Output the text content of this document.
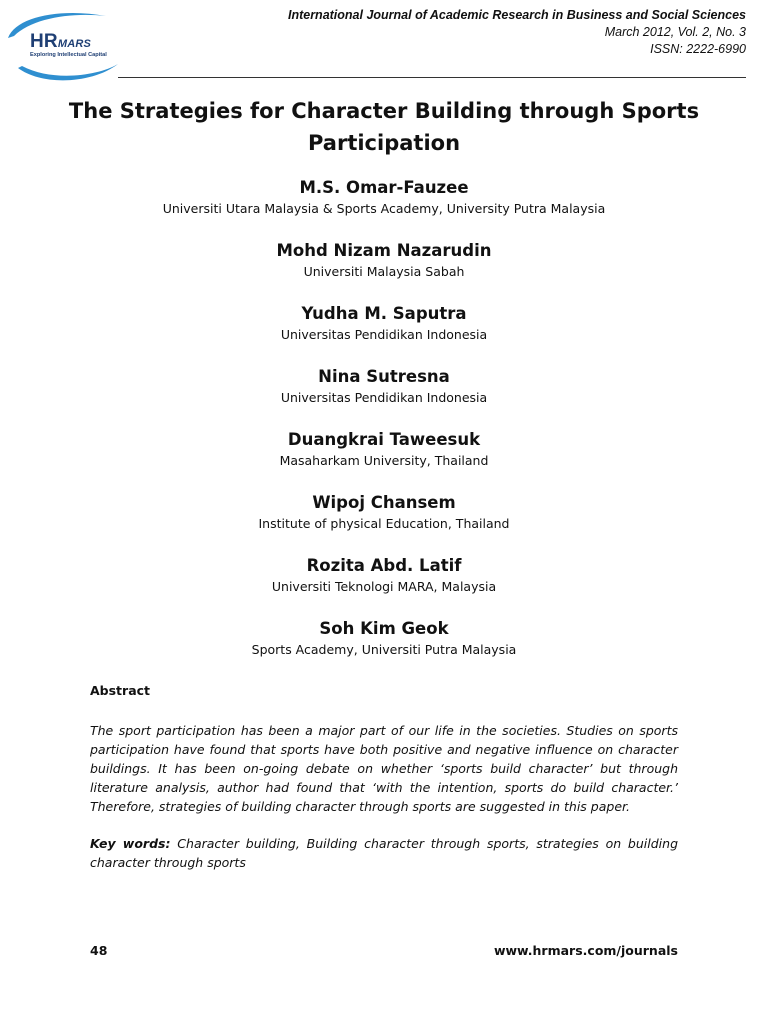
HRMARS
Exploring Intellectual Capital
International Journal of Academic Research in Business and Social Sciences
March 2012, Vol. 2, No. 3
ISSN: 2222-6990
The Strategies for Character Building through Sports Participation
M.S. Omar-Fauzee
Universiti Utara Malaysia & Sports Academy, University Putra Malaysia
Mohd Nizam Nazarudin
Universiti Malaysia Sabah
Yudha M. Saputra
Universitas Pendidikan Indonesia
Nina Sutresna
Universitas Pendidikan Indonesia
Duangkrai Taweesuk
Masaharkam University, Thailand
Wipoj Chansem
Institute of physical Education, Thailand
Rozita Abd. Latif
Universiti Teknologi MARA, Malaysia
Soh Kim Geok
Sports Academy, Universiti Putra Malaysia
Abstract

The sport participation has been a major part of our life in the societies. Studies on sports participation have found that sports have both positive and negative influence on character buildings. It has been on-going debate on whether ‘sports build character’ but through literature analysis, author had found that ‘with the intention, sports do build character.’ Therefore, strategies of building character through sports are suggested in this paper.

Key words: Character building, Building character through sports, strategies on building character through sports

48	www.hrmars.com/journals
